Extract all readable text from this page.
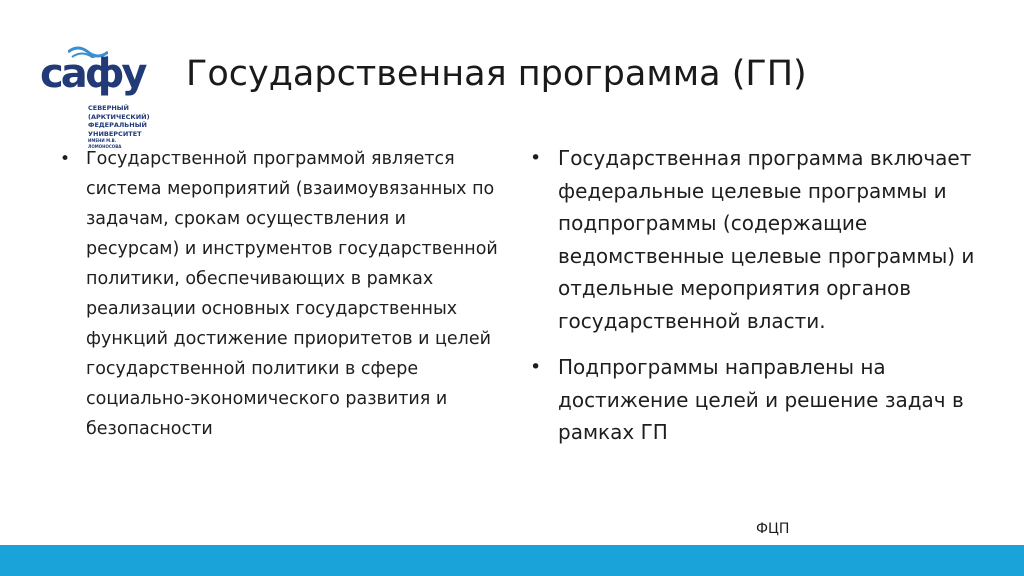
сафу
СЕВЕРНЫЙ
(АРКТИЧЕСКИЙ)
ФЕДЕРАЛЬНЫЙ
УНИВЕРСИТЕТ
ИМЕНИ М.В. ЛОМОНОСОВА
Государственная программа (ГП)
• Государственной программой является система мероприятий (взаимоувязанных по задачам, срокам осуществления и ресурсам) и инструментов государственной политики, обеспечивающих в рамках реализации основных государственных функций достижение приоритетов и целей государственной политики в сфере социально-экономического развития и безопасности
• Государственная программа включает федеральные целевые программы и подпрограммы (содержащие ведомственные целевые программы) и отдельные мероприятия органов государственной власти.
• Подпрограммы направлены на достижение целей и решение задач в рамках ГП
ФЦП
